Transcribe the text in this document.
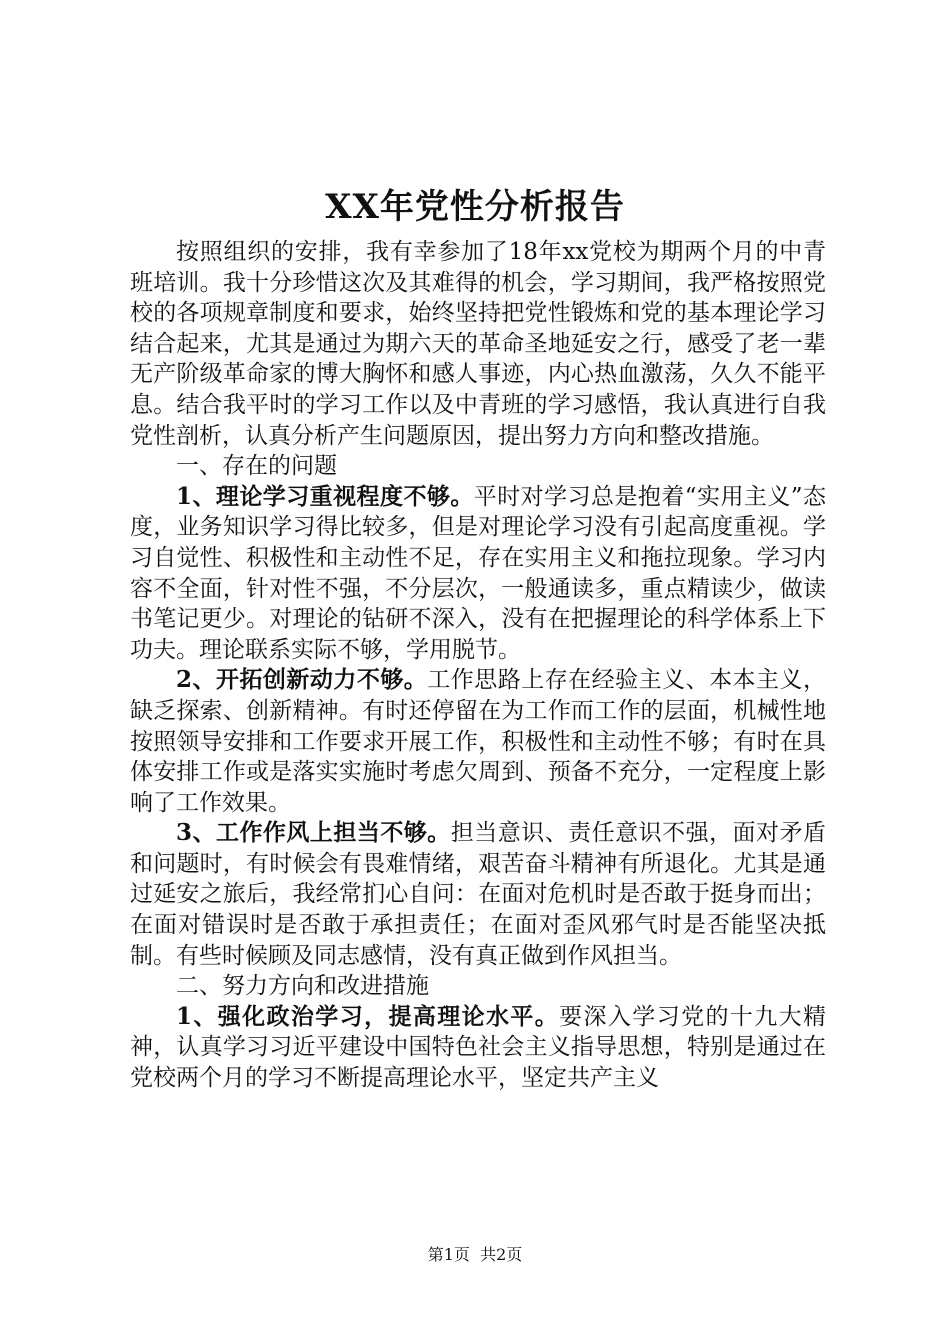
XX年党性分析报告

按照组织的安排，我有幸参加了18年xx党校为期两个月的中青班培训。我十分珍惜这次及其难得的机会，学习期间，我严格按照党校的各项规章制度和要求，始终坚持把党性锻炼和党的基本理论学习结合起来，尤其是通过为期六天的革命圣地延安之行，感受了老一辈无产阶级革命家的博大胸怀和感人事迹，内心热血激荡，久久不能平息。结合我平时的学习工作以及中青班的学习感悟，我认真进行自我党性剖析，认真分析产生问题原因，提出努力方向和整改措施。

一、存在的问题

1、理论学习重视程度不够。平时对学习总是抱着“实用主义”态度，业务知识学习得比较多，但是对理论学习没有引起高度重视。学习自觉性、积极性和主动性不足，存在实用主义和拖拉现象。学习内容不全面，针对性不强，不分层次，一般通读多，重点精读少，做读书笔记更少。对理论的钻研不深入，没有在把握理论的科学体系上下功夫。理论联系实际不够，学用脱节。

2、开拓创新动力不够。工作思路上存在经验主义、本本主义，缺乏探索、创新精神。有时还停留在为工作而工作的层面，机械性地按照领导安排和工作要求开展工作，积极性和主动性不够；有时在具体安排工作或是落实实施时考虑欠周到、预备不充分，一定程度上影响了工作效果。

3、工作作风上担当不够。担当意识、责任意识不强，面对矛盾和问题时，有时候会有畏难情绪，艰苦奋斗精神有所退化。尤其是通过延安之旅后，我经常扪心自问：在面对危机时是否敢于挺身而出；在面对错误时是否敢于承担责任；在面对歪风邪气时是否能坚决抵制。有些时候顾及同志感情，没有真正做到作风担当。

二、努力方向和改进措施

1、强化政治学习，提高理论水平。要深入学习党的十九大精神，认真学习习近平建设中国特色社会主义指导思想，特别是通过在党校两个月的学习不断提高理论水平，坚定共产主义

第1页 共2页
